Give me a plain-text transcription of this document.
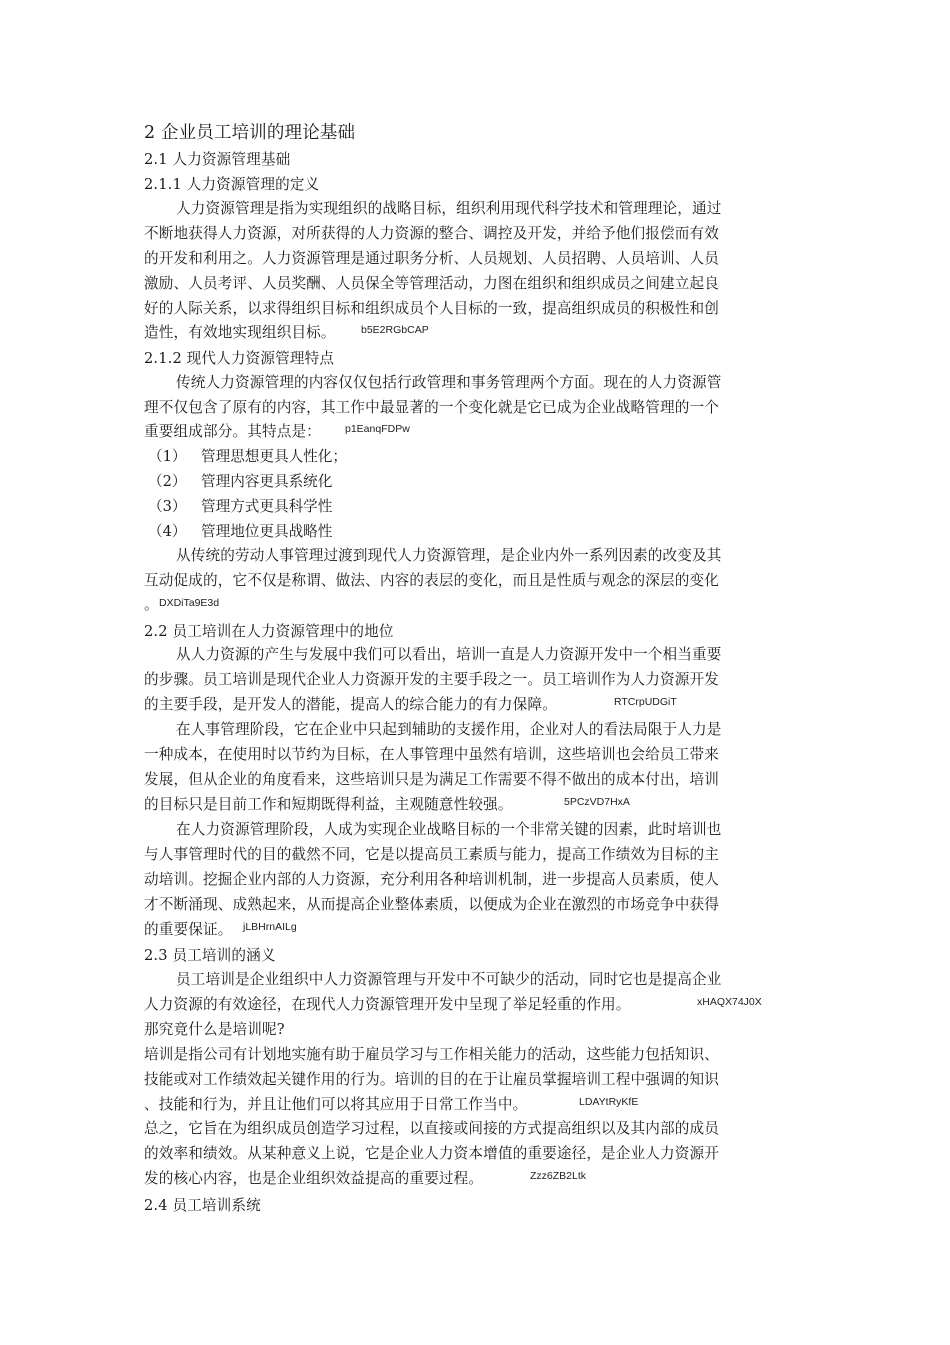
2 企业员工培训的理论基础
2.1 人力资源管理基础
2.1.1 人力资源管理的定义
人力资源管理是指为实现组织的战略目标，组织利用现代科学技术和管理理论，通过
不断地获得人力资源，对所获得的人力资源的整合、调控及开发，并给予他们报偿而有效
的开发和利用之。人力资源管理是通过职务分析、人员规划、人员招聘、人员培训、人员
激励、人员考评、人员奖酬、人员保全等管理活动，力图在组织和组织成员之间建立起良
好的人际关系，以求得组织目标和组织成员个人目标的一致，提高组织成员的积极性和创
造性，有效地实现组织目标。 b5E2RGbCAP
2.1.2 现代人力资源管理特点
传统人力资源管理的内容仅仅包括行政管理和事务管理两个方面。现在的人力资源管
理不仅包含了原有的内容，其工作中最显著的一个变化就是它已成为企业战略管理的一个
重要组成部分。其特点是： p1EanqFDPw
（1） 管理思想更具人性化；
（2） 管理内容更具系统化
（3） 管理方式更具科学性
（4） 管理地位更具战略性
从传统的劳动人事管理过渡到现代人力资源管理，是企业内外一系列因素的改变及其
互动促成的，它不仅是称谓、做法、内容的表层的变化，而且是性质与观念的深层的变化
。 DXDiTa9E3d
2.2 员工培训在人力资源管理中的地位
从人力资源的产生与发展中我们可以看出，培训一直是人力资源开发中一个相当重要
的步骤。员工培训是现代企业人力资源开发的主要手段之一。员工培训作为人力资源开发
的主要手段，是开发人的潜能，提高人的综合能力的有力保障。	RTCrpUDGiT
在人事管理阶段，它在企业中只起到辅助的支援作用，企业对人的看法局限于人力是
一种成本，在使用时以节约为目标，在人事管理中虽然有培训，这些培训也会给员工带来
发展，但从企业的角度看来，这些培训只是为满足工作需要不得不做出的成本付出，培训
的目标只是目前工作和短期既得利益，主观随意性较强。	5PCzVD7HxA
在人力资源管理阶段，人成为实现企业战略目标的一个非常关键的因素，此时培训也
与人事管理时代的目的截然不同，它是以提高员工素质与能力，提高工作绩效为目标的主
动培训。挖掘企业内部的人力资源，充分利用各种培训机制，进一步提高人员素质，使人
才不断涌现、成熟起来，从而提高企业整体素质，以便成为企业在激烈的市场竞争中获得
的重要保证。 jLBHrnAILg
2.3 员工培训的涵义
员工培训是企业组织中人力资源管理与开发中不可缺少的活动，同时它也是提高企业
人力资源的有效途径，在现代人力资源管理开发中呈现了举足轻重的作用。	xHAQX74J0X
那究竟什么是培训呢?
培训是指公司有计划地实施有助于雇员学习与工作相关能力的活动，这些能力包括知识、
技能或对工作绩效起关键作用的行为。培训的目的在于让雇员掌握培训工程中强调的知识
、技能和行为，并且让他们可以将其应用于日常工作当中。	LDAYtRyKfE
总之，它旨在为组织成员创造学习过程，以直接或间接的方式提高组织以及其内部的成员
的效率和绩效。从某种意义上说，它是企业人力资本增值的重要途径，是企业人力资源开
发的核心内容，也是企业组织效益提高的重要过程。	Zzz6ZB2Ltk
2.4 员工培训系统
